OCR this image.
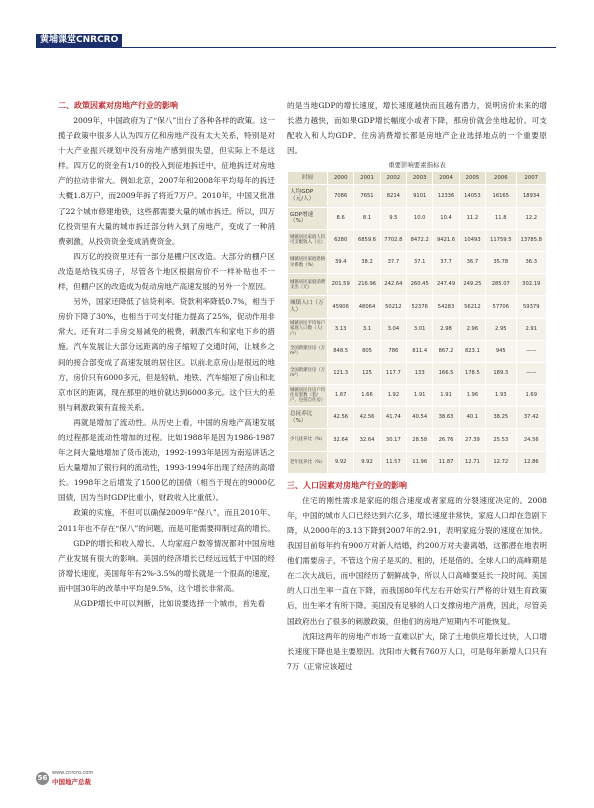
黄埔课堂CNRCRO
二、政策因素对房地产行业的影响

2009年，中国政府为了“保八”出台了各种各样的政策。这一揽子政策中很多人认为四万亿和房地产没有太大关系，特别是对十大产业振兴规划中没有房地产感到很失望，但实际上不是这样。四万亿的资金有1/10的投入到征地拆迁中，征地拆迁对房地产的拉动非常大。例如北京，2007年和2008年平均每年的拆迁大概1.8万户，而2009年拆了将近7万户。2010年，中国又批准了22个城市修建地铁，这些都需要大量的城市拆迁。所以，四万亿投资里有大量的城市拆迁部分转入到了房地产，变成了一种消费刺激，从投资资金变成消费资金。

四万亿的投资里还有一部分是棚户区改造。大部分的棚户区改造是给钱买房子，尽管各个地区根据房价不一样补贴也不一样，但棚户区的改造成为促动房地产高速发展的另外一个原因。

另外，国家还降低了信贷利率。贷款利率降低0.7%，相当于房价下降了30%，也相当于可支付能力提高了25%，促动作用非常大。还有对二手房交易减免的税费，刺激汽车和家电下乡的措施。汽车发展让大部分远距离的房子缩短了交通时间，让城乡之间的接合部变成了高速发展的居住区。以前北京房山是很远的地方，房价只有6000多元，但是轻轨、地铁、汽车缩短了房山和北京市区的距离，现在那里的地价就达到6000多元。这个巨大的差别与刺激政策有直接关系。

再就是增加了流动性。从历史上看，中国的房地产高速发展的过程都是流动性增加的过程。比如1988年是因为1986-1987年之间大量地增加了货币流动，1992-1993年是因为南巡讲话之后大量增加了银行间的流动性，1993-1994年出现了经济的高增长。1998年之后增发了1500亿的国债（相当于现在的9000亿国债，因为当时GDP比重小，财政收入比重低）。

政策的实施，不但可以确保2009年“保八”，而且2010年、2011年也不存在“保八”的问题，而是可能需要抑制过高的增长。

GDP的增长和收入增长、人均家庭户数等情况都对中国房地产业发展有很大的影响。美国的经济增长已经远远低于中国的经济增长速度，美国每年有2%-3.5%的增长就是一个很高的速度，而中国30年的改革中平均是9.5%，这个增长非常高。

从GDP增长中可以判断，比如说要选择一个城市，首先看

的是当地GDP的增长速度，增长速度越快而且越有潜力，说明房价未来的增长潜力越快，而如果GDP增长幅度小或者下降，那房价就会坐地起价。可支配收入和人均GDP、住房消费增长都是房地产企业选择地点的一个重要原因。

重要影响要素指标表
时间	2000	2001	2002	2003	2004	2005	2006	2007
人均GDP（元/人）	7086	7651	8214	9101	12336	14053	16165	18934
GDP增速（%）	8.6	8.1	9.5	10.0	10.4	11.2	11.8	12.2
城镇居民家庭人均可支配收入（元）	6280	6859.6	7702.8	8472.2	9421.6	10493	11759.5	13785.8
城镇居民家庭恩格尔系数（%）	39.4	38.2	37.7	37.1	37.7	36.7	35.78	36.3
城镇居民家庭消费支出（元）	201.59	216.96	242.64	260.45	247.49	249.25	285.07	302.19
城镇人口（万人）	45906	48064	50212	52376	54283	56212	57706	59379
城镇居民平均每户家庭人口数（人/户）	3.13	3.1	3.04	3.01	2.98	2.96	2.95	2.91
全国新建住房（万m²）	848.5	805	786	811.4	867.2	823.1	945	——
全国新建住房（万m²）	121.3	125	117.7	133	166.5	178.5	189.3	——
城镇居民住房户均住房套数（套/户，包括自住房）	1.67	1.66	1.92	1.91	1.91	1.96	1.93	1.69
总抚养比（%）	42.56	42.56	41.74	40.54	38.63	40.1	38.25	37.42
少儿抚养比（%）	32.64	32.64	30.17	28.58	26.76	27.39	25.53	24.56
老年抚养比（%）	9.92	9.92	11.57	11.96	11.87	12.71	12.72	12.86
三、人口因素对房地产行业的影响

住宅的刚性需求是家庭的组合速度或者家庭的分裂速度决定的。2008年，中国的城市人口已经达到六亿多，增长速度非常快，家庭人口却在急剧下降，从2000年的3.13下降到2007年的2.91，表明家庭分裂的速度在加快。我国目前每年约有900万对新人结婚，约200万对夫妻离婚，这都潜在地表明他们需要房子，不管这个房子是买的、租的，还是借的。全球人口的高峰期是在二次大战后，而中国经历了朝鲜战争，所以人口高峰要延长一段时间。美国的人口出生率一直在下降，而我国80年代左右开始实行严格的计划生育政策后，出生率才有所下降。美国没有足够的人口支撑房地产消费，因此，尽管美国政府出台了很多的刺激政策，但他们的房地产短期内不可能恢复。

沈阳这两年的房地产市场一直难以扩大，除了土地供应增长过快，人口增长速度下降也是主要原因。沈阳市大概有760万人口，可是每年新增人口只有7万（正常应该超过

56
www.cnrcro.com
中国地产总裁
